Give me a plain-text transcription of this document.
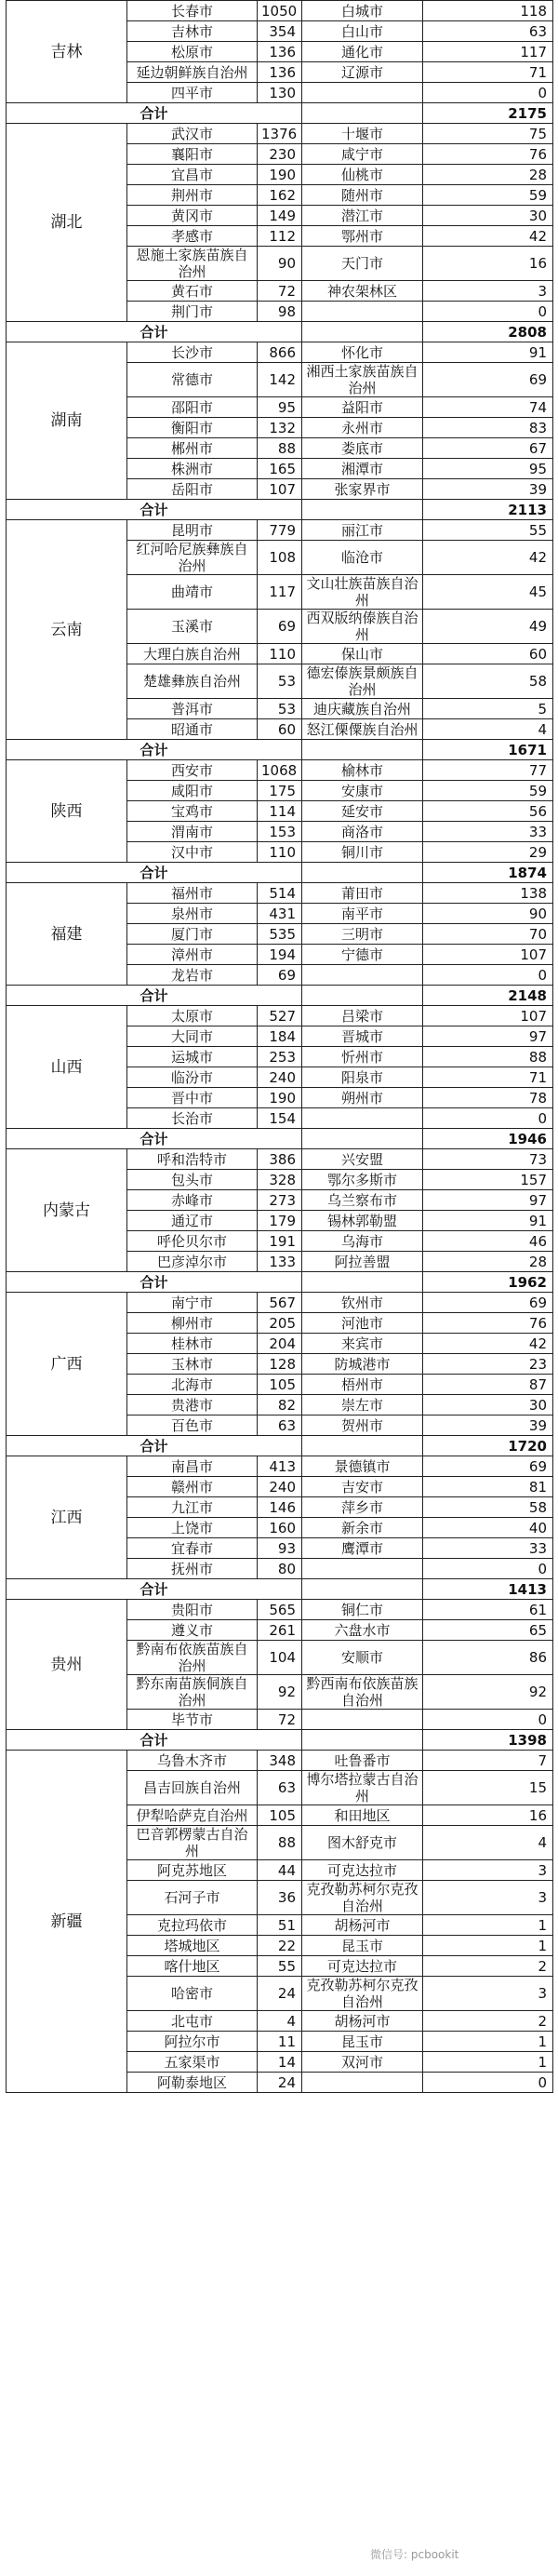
吉林	长春市	1050	白城市	118
	吉林市	354	白山市	63
	松原市	136	通化市	117
	延边朝鲜族自治州	136	辽源市	71
	四平市	130		0
合计				2175
湖北	武汉市	1376	十堰市	75
	襄阳市	230	咸宁市	76
	宜昌市	190	仙桃市	28
	荆州市	162	随州市	59
	黄冈市	149	潜江市	30
	孝感市	112	鄂州市	42
	恩施土家族苗族自治州	90	天门市	16
	黄石市	72	神农架林区	3
	荆门市	98		0
合计				2808
湖南	长沙市	866	怀化市	91
	常德市	142	湘西土家族苗族自治州	69
	邵阳市	95	益阳市	74
	衡阳市	132	永州市	83
	郴州市	88	娄底市	67
	株洲市	165	湘潭市	95
	岳阳市	107	张家界市	39
合计				2113
云南	昆明市	779	丽江市	55
	红河哈尼族彝族自治州	108	临沧市	42
	曲靖市	117	文山壮族苗族自治州	45
	玉溪市	69	西双版纳傣族自治州	49
	大理白族自治州	110	保山市	60
	楚雄彝族自治州	53	德宏傣族景颇族自治州	58
	普洱市	53	迪庆藏族自治州	5
	昭通市	60	怒江傈僳族自治州	4
合计				1671
陕西	西安市	1068	榆林市	77
	咸阳市	175	安康市	59
	宝鸡市	114	延安市	56
	渭南市	153	商洛市	33
	汉中市	110	铜川市	29
合计				1874
福建	福州市	514	莆田市	138
	泉州市	431	南平市	90
	厦门市	535	三明市	70
	漳州市	194	宁德市	107
	龙岩市	69		0
合计				2148
山西	太原市	527	吕梁市	107
	大同市	184	晋城市	97
	运城市	253	忻州市	88
	临汾市	240	阳泉市	71
	晋中市	190	朔州市	78
	长治市	154		0
合计				1946
内蒙古	呼和浩特市	386	兴安盟	73
	包头市	328	鄂尔多斯市	157
	赤峰市	273	乌兰察布市	97
	通辽市	179	锡林郭勒盟	91
	呼伦贝尔市	191	乌海市	46
	巴彦淖尔市	133	阿拉善盟	28
合计				1962
广西	南宁市	567	钦州市	69
	柳州市	205	河池市	76
	桂林市	204	来宾市	42
	玉林市	128	防城港市	23
	北海市	105	梧州市	87
	贵港市	82	崇左市	30
	百色市	63	贺州市	39
合计				1720
江西	南昌市	413	景德镇市	69
	赣州市	240	吉安市	81
	九江市	146	萍乡市	58
	上饶市	160	新余市	40
	宜春市	93	鹰潭市	33
	抚州市	80		0
合计				1413
贵州	贵阳市	565	铜仁市	61
	遵义市	261	六盘水市	65
	黔南布依族苗族自治州	104	安顺市	86
	黔东南苗族侗族自治州	92	黔西南布依族苗族自治州	92
	毕节市	72		0
合计				1398
新疆	乌鲁木齐市	348	吐鲁番市	7
	昌吉回族自治州	63	博尔塔拉蒙古自治州	15
	伊犁哈萨克自治州	105	和田地区	16
	巴音郭楞蒙古自治州	88	图木舒克市	4
	阿克苏地区	44	可克达拉市	3
	石河子市	36	克孜勒苏柯尔克孜自治州	3
	克拉玛依市	51	胡杨河市	1
	塔城地区	22	昆玉市	1
	喀什地区	55	可克达拉市	2
	哈密市	24	克孜勒苏柯尔克孜自治州	3
	北屯市	4	胡杨河市	2
	阿拉尔市	11	昆玉市	1
	五家渠市	14	双河市	1
	阿勒泰地区	24		0
微信号: pcbookit
